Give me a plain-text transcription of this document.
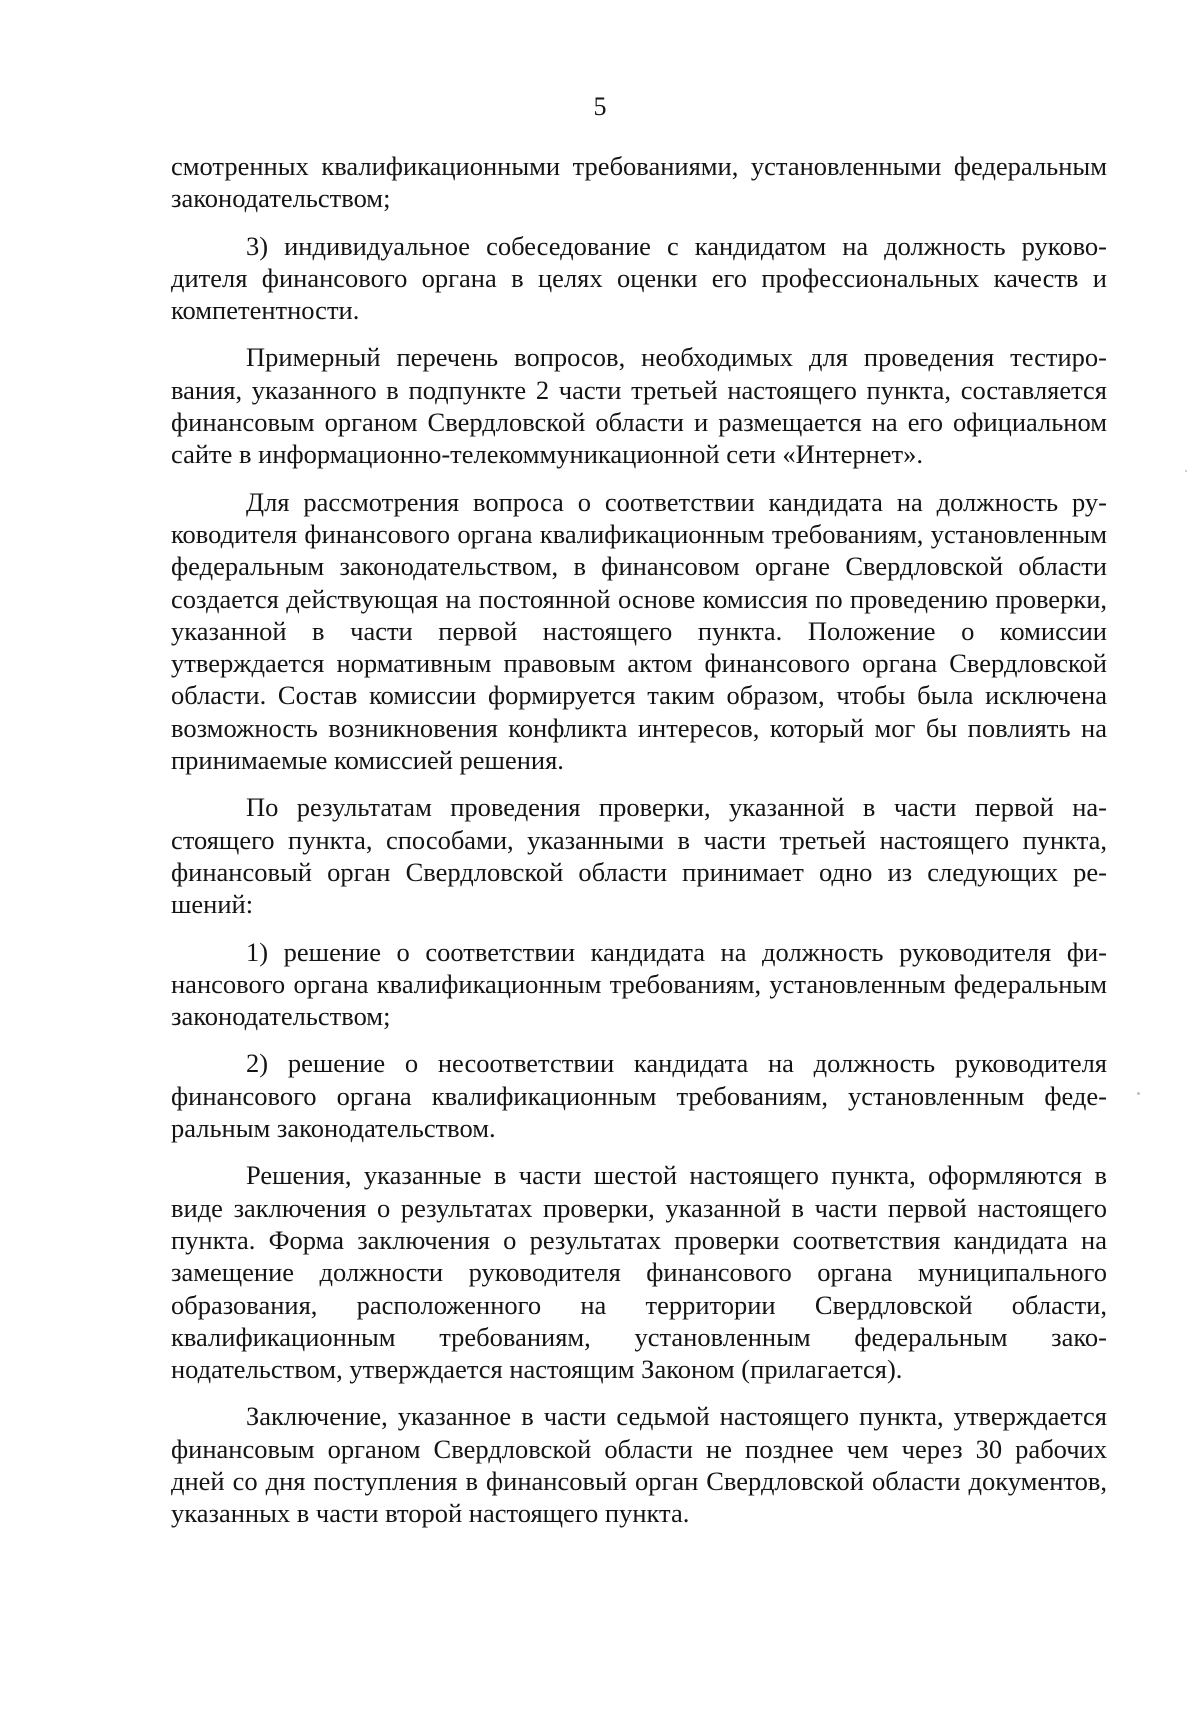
5

смотренных квалификационными требованиями, установленными федеральным законодательством;

3) индивидуальное собеседование с кандидатом на должность руководителя финансового органа в целях оценки его профессиональных качеств и компетентности.

Примерный перечень вопросов, необходимых для проведения тестирования, указанного в подпункте 2 части третьей настоящего пункта, составляется финансовым органом Свердловской области и размещается на его официальном сайте в информационно-телекоммуникационной сети «Интернет».

Для рассмотрения вопроса о соответствии кандидата на должность руководителя финансового органа квалификационным требованиям, установленным федеральным законодательством, в финансовом органе Свердловской области создается действующая на постоянной основе комиссия по проведению проверки, указанной в части первой настоящего пункта. Положение о комиссии утверждается нормативным правовым актом финансового органа Свердловской области. Состав комиссии формируется таким образом, чтобы была исключена возможность возникновения конфликта интересов, который мог бы повлиять на принимаемые комиссией решения.

По результатам проведения проверки, указанной в части первой настоящего пункта, способами, указанными в части третьей настоящего пункта, финансовый орган Свердловской области принимает одно из следующих решений:

1) решение о соответствии кандидата на должность руководителя финансового органа квалификационным требованиям, установленным федеральным законодательством;

2) решение о несоответствии кандидата на должность руководителя финансового органа квалификационным требованиям, установленным федеральным законодательством.

Решения, указанные в части шестой настоящего пункта, оформляются в виде заключения о результатах проверки, указанной в части первой настоящего пункта. Форма заключения о результатах проверки соответствия кандидата на замещение должности руководителя финансового органа муниципального образования, расположенного на территории Свердловской области, квалификационным требованиям, установленным федеральным законодательством, утверждается настоящим Законом (прилагается).

Заключение, указанное в части седьмой настоящего пункта, утверждается финансовым органом Свердловской области не позднее чем через 30 рабочих дней со дня поступления в финансовый орган Свердловской области документов, указанных в части второй настоящего пункта.
